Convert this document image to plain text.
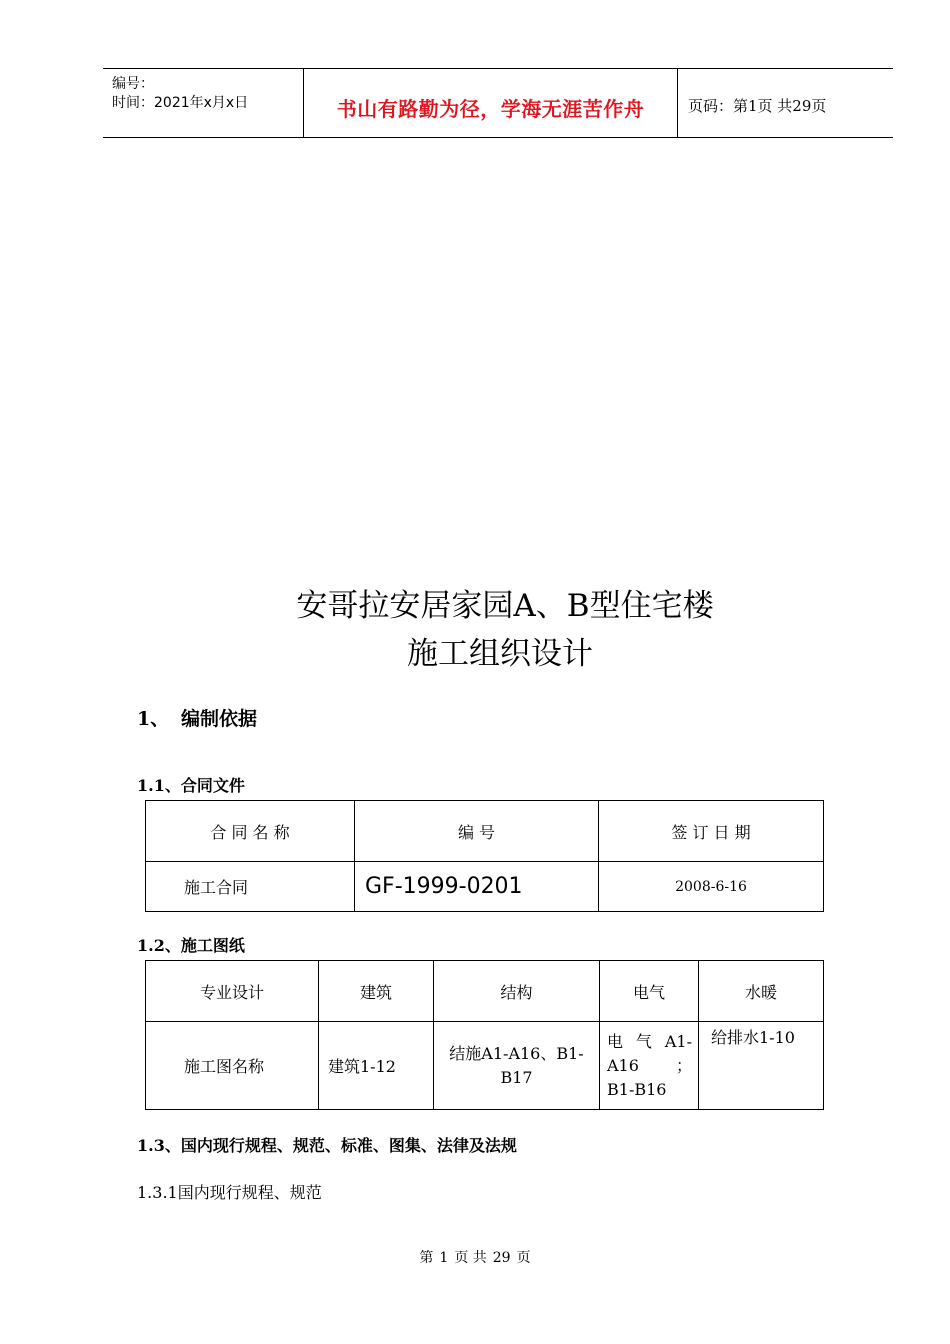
编号：
时间：2021年x月x日	书山有路勤为径，学海无涯苦作舟	页码：第1页 共29页
安哥拉安居家园A、B型住宅楼
施工组织设计
1、 编制依据
1.1、合同文件
合 同 名 称	编 号	签 订 日 期
施工合同	GF-1999-0201	2008-6-16
1.2、施工图纸
专业设计	建筑	结构	电气	水暖
施工图名称	建筑1-12	结施A1-A16、B1-B17	电 气 A1-A16 ； B1-B16	给排水1-10
1.3、国内现行规程、规范、标准、图集、法律及法规
1.3.1国内现行规程、规范
第 1 页 共 29 页
